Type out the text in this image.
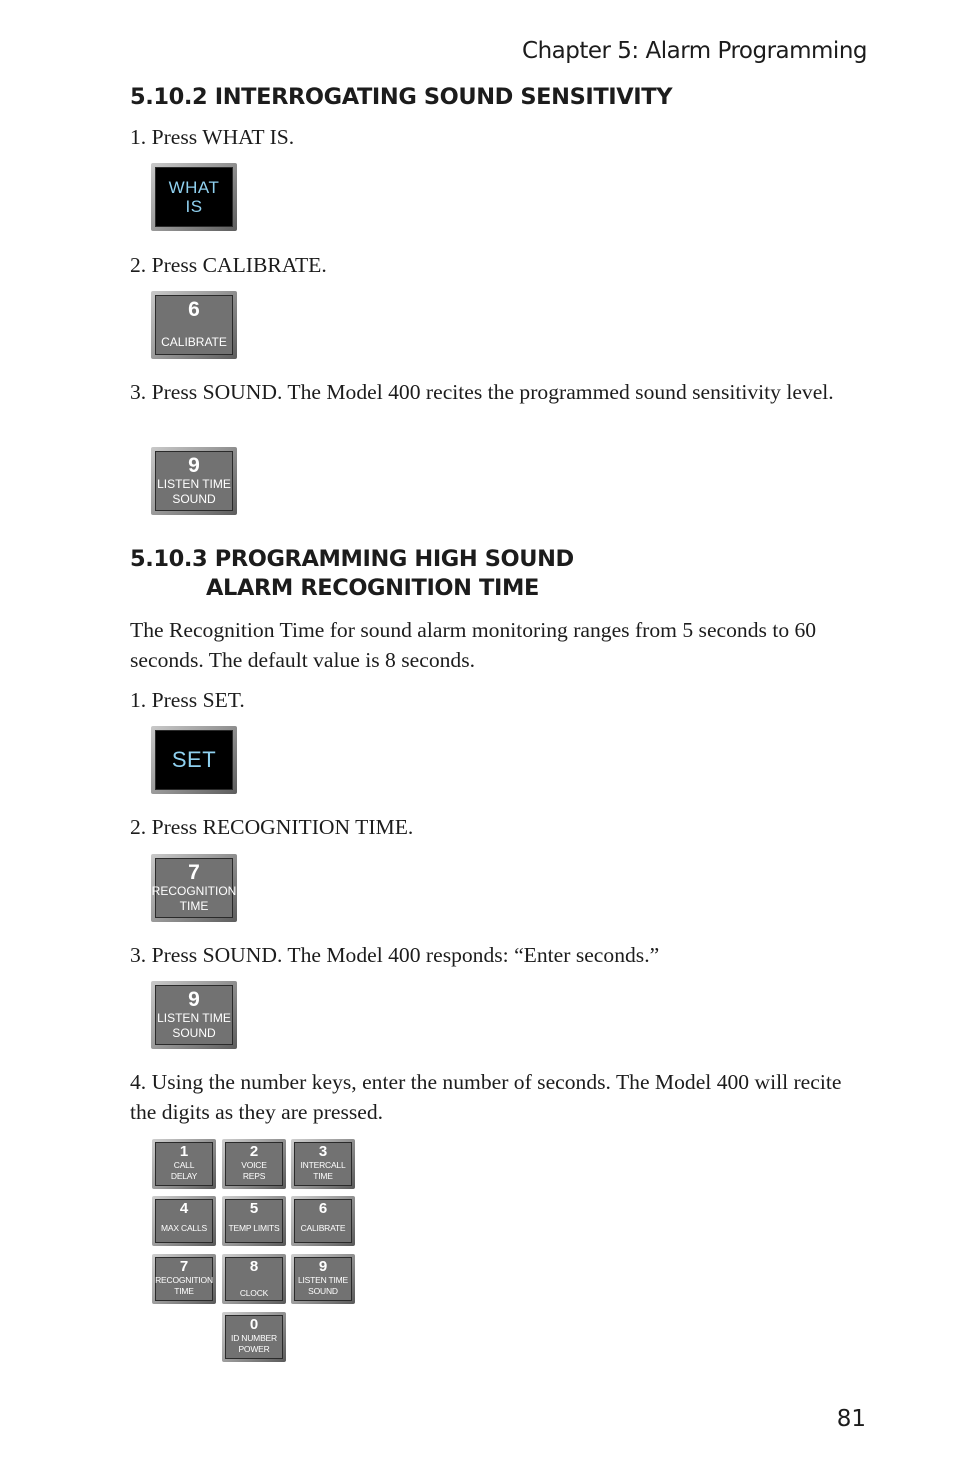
Chapter 5: Alarm Programming
5.10.2 INTERROGATING SOUND SENSITIVITY
1. Press WHAT IS.
WHAT
IS
2. Press CALIBRATE.
6
CALIBRATE
3. Press SOUND. The Model 400 recites the programmed sound sensitivity level.
9
LISTEN TIME
SOUND
5.10.3 PROGRAMMING HIGH SOUND
ALARM RECOGNITION TIME
The Recognition Time for sound alarm monitoring ranges from 5 seconds to 60 seconds. The default value is 8 seconds.
1. Press SET.
SET
2. Press RECOGNITION TIME.
7
RECOGNITION
TIME
3. Press SOUND. The Model 400 responds: “Enter seconds.”
9
LISTEN TIME
SOUND
4. Using the number keys, enter the number of seconds. The Model 400 will recite the digits as they are pressed.
1
CALL
DELAY
2
VOICE
REPS
3
INTERCALL
TIME
4
MAX CALLS
5
TEMP LIMITS
6
CALIBRATE
7
RECOGNITION
TIME
8
CLOCK
9
LISTEN TIME
SOUND
0
ID NUMBER
POWER
81
